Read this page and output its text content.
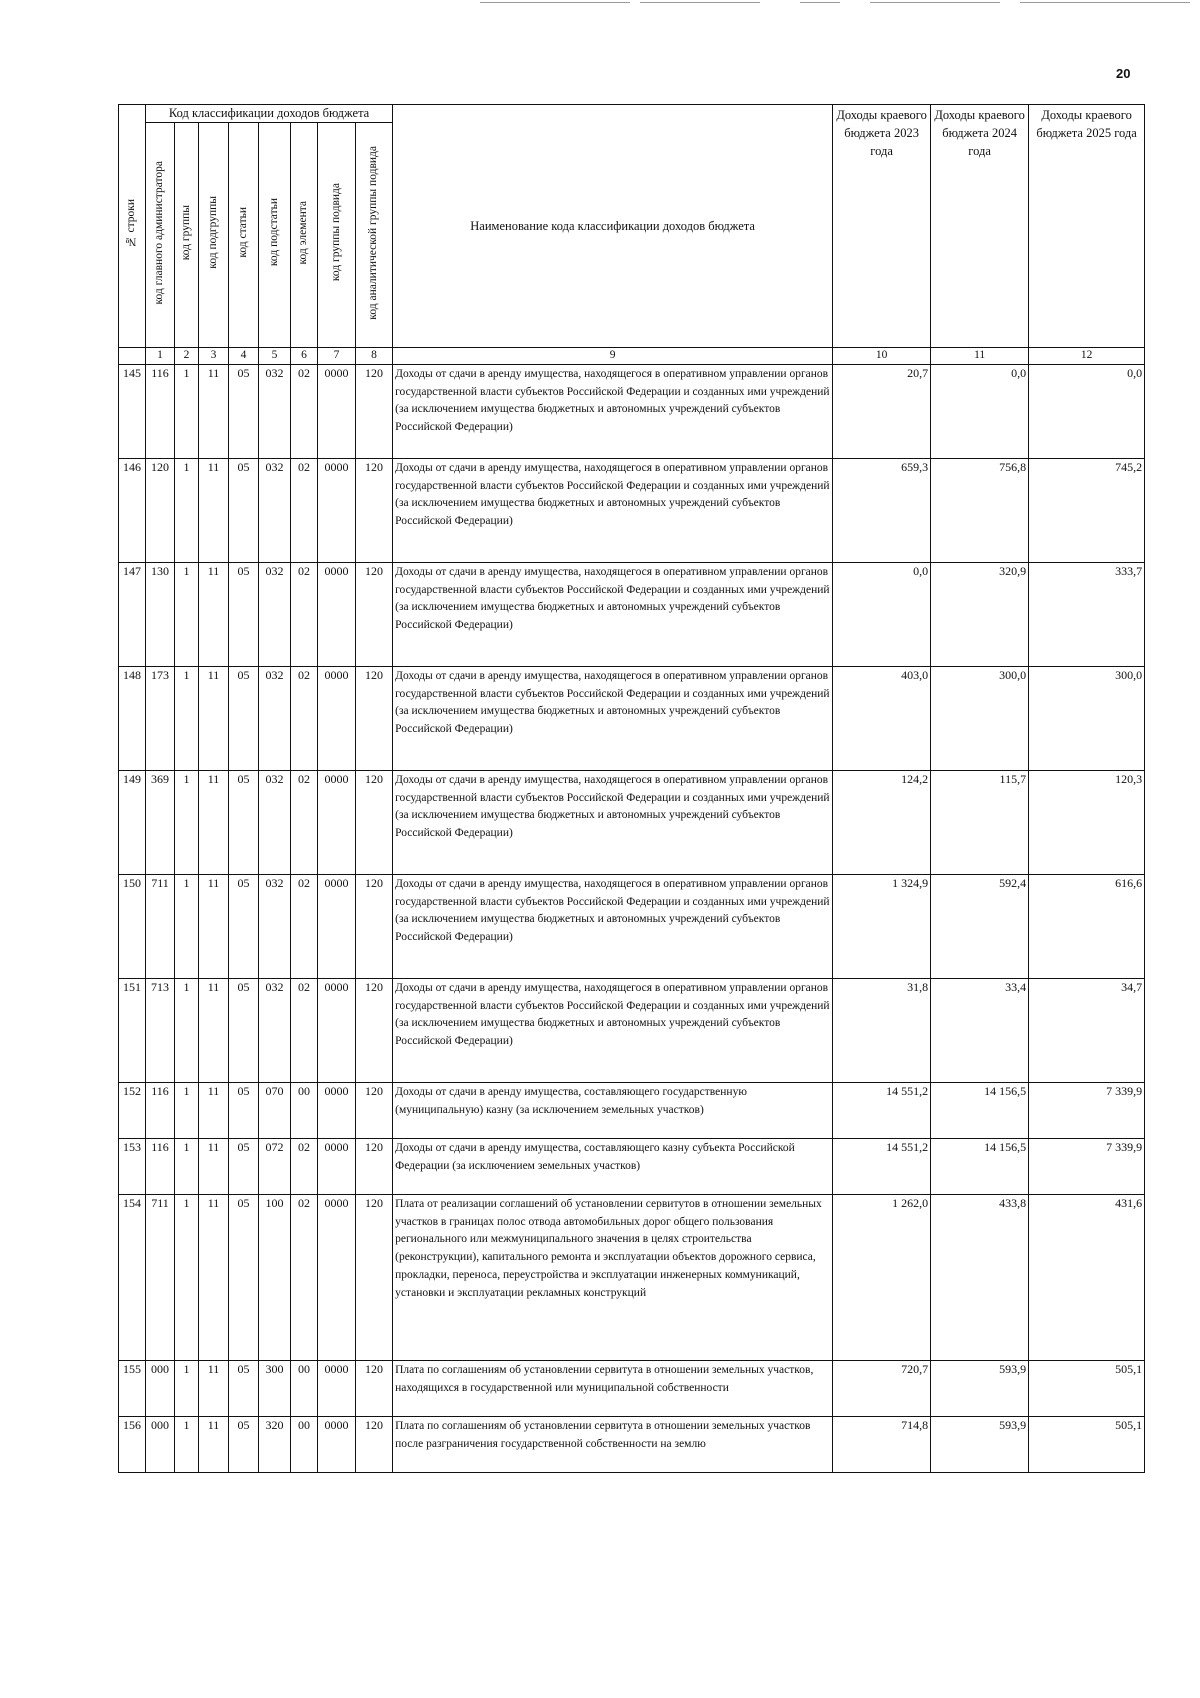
20
№ строки	Код классификации доходов бюджета								Наименование кода классификации доходов бюджета	Доходы краевого бюджета 2023 года	Доходы краевого бюджета 2024 года	Доходы краевого бюджета 2025 года
	код главного администратора	код группы	код подгруппы	код статьи	код подстатьи	код элемента	код группы подвида	код аналитической группы подвида				
	1	2	3	4	5	6	7	8	9	10	11	12
145	116	1	11	05	032	02	0000	120	Доходы от сдачи в аренду имущества, находящегося в оперативном управлении органов государственной власти субъектов Российской Федерации и созданных ими учреждений (за исключением имущества бюджетных и автономных учреждений субъектов Российской Федерации)	20,7	0,0	0,0
146	120	1	11	05	032	02	0000	120	Доходы от сдачи в аренду имущества, находящегося в оперативном управлении органов государственной власти субъектов Российской Федерации и созданных ими учреждений (за исключением имущества бюджетных и автономных учреждений субъектов Российской Федерации)	659,3	756,8	745,2
147	130	1	11	05	032	02	0000	120	Доходы от сдачи в аренду имущества, находящегося в оперативном управлении органов государственной власти субъектов Российской Федерации и созданных ими учреждений (за исключением имущества бюджетных и автономных учреждений субъектов Российской Федерации)	0,0	320,9	333,7
148	173	1	11	05	032	02	0000	120	Доходы от сдачи в аренду имущества, находящегося в оперативном управлении органов государственной власти субъектов Российской Федерации и созданных ими учреждений (за исключением имущества бюджетных и автономных учреждений субъектов Российской Федерации)	403,0	300,0	300,0
149	369	1	11	05	032	02	0000	120	Доходы от сдачи в аренду имущества, находящегося в оперативном управлении органов государственной власти субъектов Российской Федерации и созданных ими учреждений (за исключением имущества бюджетных и автономных учреждений субъектов Российской Федерации)	124,2	115,7	120,3
150	711	1	11	05	032	02	0000	120	Доходы от сдачи в аренду имущества, находящегося в оперативном управлении органов государственной власти субъектов Российской Федерации и созданных ими учреждений (за исключением имущества бюджетных и автономных учреждений субъектов Российской Федерации)	1 324,9	592,4	616,6
151	713	1	11	05	032	02	0000	120	Доходы от сдачи в аренду имущества, находящегося в оперативном управлении органов государственной власти субъектов Российской Федерации и созданных ими учреждений (за исключением имущества бюджетных и автономных учреждений субъектов Российской Федерации)	31,8	33,4	34,7
152	116	1	11	05	070	00	0000	120	Доходы от сдачи в аренду имущества, составляющего государственную (муниципальную) казну (за исключением земельных участков)	14 551,2	14 156,5	7 339,9
153	116	1	11	05	072	02	0000	120	Доходы от сдачи в аренду имущества, составляющего казну субъекта Российской Федерации (за исключением земельных участков)	14 551,2	14 156,5	7 339,9
154	711	1	11	05	100	02	0000	120	Плата от реализации соглашений об установлении сервитутов в отношении земельных участков в границах полос отвода автомобильных дорог общего пользования регионального или межмуниципального значения в целях строительства (реконструкции), капитального ремонта и эксплуатации объектов дорожного сервиса, прокладки, переноса, переустройства и эксплуатации инженерных коммуникаций, установки и эксплуатации рекламных конструкций	1 262,0	433,8	431,6
155	000	1	11	05	300	00	0000	120	Плата по соглашениям об установлении сервитута в отношении земельных участков, находящихся в государственной или муниципальной собственности	720,7	593,9	505,1
156	000	1	11	05	320	00	0000	120	Плата по соглашениям об установлении сервитута в отношении земельных участков после разграничения государственной собственности на землю	714,8	593,9	505,1
